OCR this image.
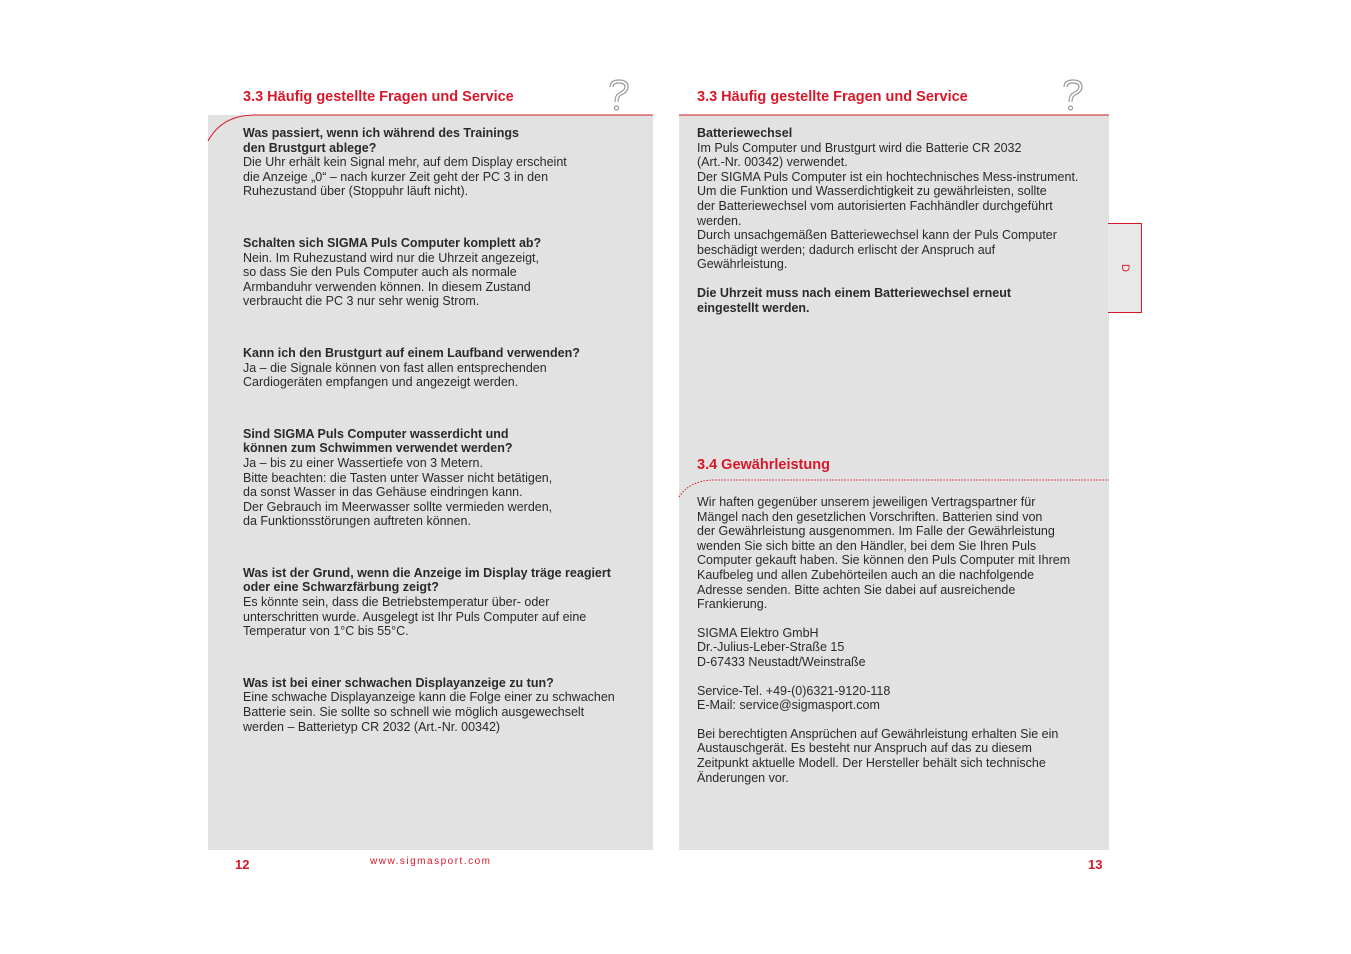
3.3 Häufig gestellte Fragen und Service	3.3 Häufig gestellte Fragen und Service

Was passiert, wenn ich während des Trainings
den Brustgurt ablege?

Die Uhr erhält kein Signal mehr, auf dem Display erscheint
die Anzeige „0“ – nach kurzer Zeit geht der PC 3 in den
Ruhezustand über (Stoppuhr läuft nicht).

Schalten sich SIGMA Puls Computer komplett ab?

Nein. Im Ruhezustand wird nur die Uhrzeit angezeigt,
so dass Sie den Puls Computer auch als normale
Armbanduhr verwenden können. In diesem Zustand
verbraucht die PC 3 nur sehr wenig Strom.

Kann ich den Brustgurt auf einem Laufband verwenden?

Ja – die Signale können von fast allen entsprechenden
Cardiogeräten empfangen und angezeigt werden.

Sind SIGMA Puls Computer wasserdicht und
können zum Schwimmen verwendet werden?

Ja – bis zu einer Wassertiefe von 3 Metern.
Bitte beachten: die Tasten unter Wasser nicht betätigen,
da sonst Wasser in das Gehäuse eindringen kann.
Der Gebrauch im Meerwasser sollte vermieden werden,
da Funktionsstörungen auftreten können.

Was ist der Grund, wenn die Anzeige im Display träge reagiert
oder eine Schwarzfärbung zeigt?

Es könnte sein, dass die Betriebstemperatur über- oder
unterschritten wurde. Ausgelegt ist Ihr Puls Computer auf eine
Temperatur von 1°C bis 55°C.

Was ist bei einer schwachen Displayanzeige zu tun?

Eine schwache Displayanzeige kann die Folge einer zu schwachen
Batterie sein. Sie sollte so schnell wie möglich ausgewechselt
werden – Batterietyp CR 2032 (Art.-Nr. 00342)

Batteriewechsel

Im Puls Computer und Brustgurt wird die Batterie CR 2032
(Art.-Nr. 00342) verwendet.
Der SIGMA Puls Computer ist ein hochtechnisches Mess-instrument.
Um die Funktion und Wasserdichtigkeit zu gewährleisten, sollte
der Batteriewechsel vom autorisierten Fachhändler durchgeführt
werden.
Durch unsachgemäßen Batteriewechsel kann der Puls Computer
beschädigt werden; dadurch erlischt der Anspruch auf
Gewährleistung.

Die Uhrzeit muss nach einem Batteriewechsel erneut
eingestellt werden.

3.4 Gewährleistung

Wir haften gegenüber unserem jeweiligen Vertragspartner für
Mängel nach den gesetzlichen Vorschriften. Batterien sind von
der Gewährleistung ausgenommen. Im Falle der Gewährleistung
wenden Sie sich bitte an den Händler, bei dem Sie Ihren Puls
Computer gekauft haben. Sie können den Puls Computer mit Ihrem
Kaufbeleg und allen Zubehörteilen auch an die nachfolgende
Adresse senden. Bitte achten Sie dabei auf ausreichende
Frankierung.

SIGMA Elektro GmbH
Dr.-Julius-Leber-Straße 15
D-67433 Neustadt/Weinstraße

Service-Tel. +49-(0)6321-9120-118
E-Mail: service@sigmasport.com

Bei berechtigten Ansprüchen auf Gewährleistung erhalten Sie ein
Austauschgerät. Es besteht nur Anspruch auf das zu diesem
Zeitpunkt aktuelle Modell. Der Hersteller behält sich technische
Änderungen vor.

D
12	www.sigmasport.com	13
